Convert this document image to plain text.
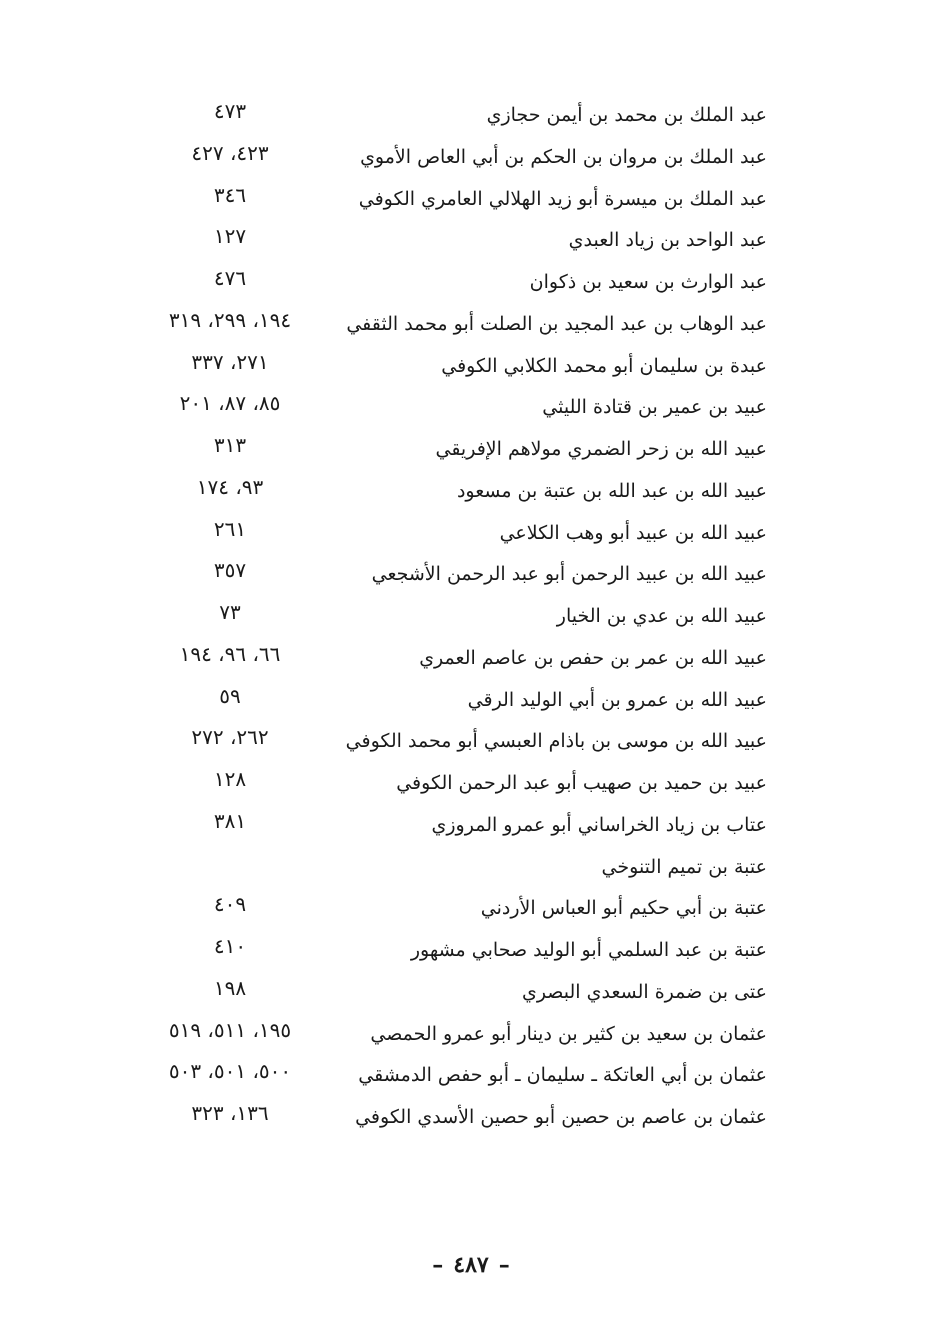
عبد الملك بن محمد بن أيمن حجازي
٤٧٣
عبد الملك بن مروان بن الحكم بن أبي العاص الأموي
٤٢٣، ٤٢٧
عبد الملك بن ميسرة أبو زيد الهلالي العامري الكوفي
٣٤٦
عبد الواحد بن زياد العبدي
١٢٧
عبد الوارث بن سعيد بن ذكوان
٤٧٦
عبد الوهاب بن عبد المجيد بن الصلت أبو محمد الثقفي
١٩٤، ٢٩٩، ٣١٩
عبدة بن سليمان أبو محمد الكلابي الكوفي
٢٧١، ٣٣٧
عبيد بن عمير بن قتادة الليثي
٨٥، ٨٧، ٢٠١
عبيد الله بن زحر الضمري مولاهم الإفريقي
٣١٣
عبيد الله بن عبد الله بن عتبة بن مسعود
٩٣، ١٧٤
عبيد الله بن عبيد أبو وهب الكلاعي
٢٦١
عبيد الله بن عبيد الرحمن أبو عبد الرحمن الأشجعي
٣٥٧
عبيد الله بن عدي بن الخيار
٧٣
عبيد الله بن عمر بن حفص بن عاصم العمري
٦٦، ٩٦، ١٩٤
عبيد الله بن عمرو بن أبي الوليد الرقي
٥٩
عبيد الله بن موسى بن باذام العبسي أبو محمد الكوفي
٢٦٢، ٢٧٢
عبيد بن حميد بن صهيب أبو عبد الرحمن الكوفي
١٢٨
عتاب بن زياد الخراساني أبو عمرو المروزي
٣٨١
عتبة بن تميم التنوخي
عتبة بن أبي حكيم أبو العباس الأردني
٤٠٩
عتبة بن عبد السلمي أبو الوليد صحابي مشهور
٤١٠
عتى بن ضمرة السعدي البصري
١٩٨
عثمان بن سعيد بن كثير بن دينار أبو عمرو الحمصي
١٩٥، ٥١١، ٥١٩
عثمان بن أبي العاتكة ـ سليمان ـ أبو حفص الدمشقي
٥٠٠، ٥٠١، ٥٠٣
عثمان بن عاصم بن حصين أبو حصين الأسدي الكوفي
١٣٦، ٣٢٣
–٤٨٧–
